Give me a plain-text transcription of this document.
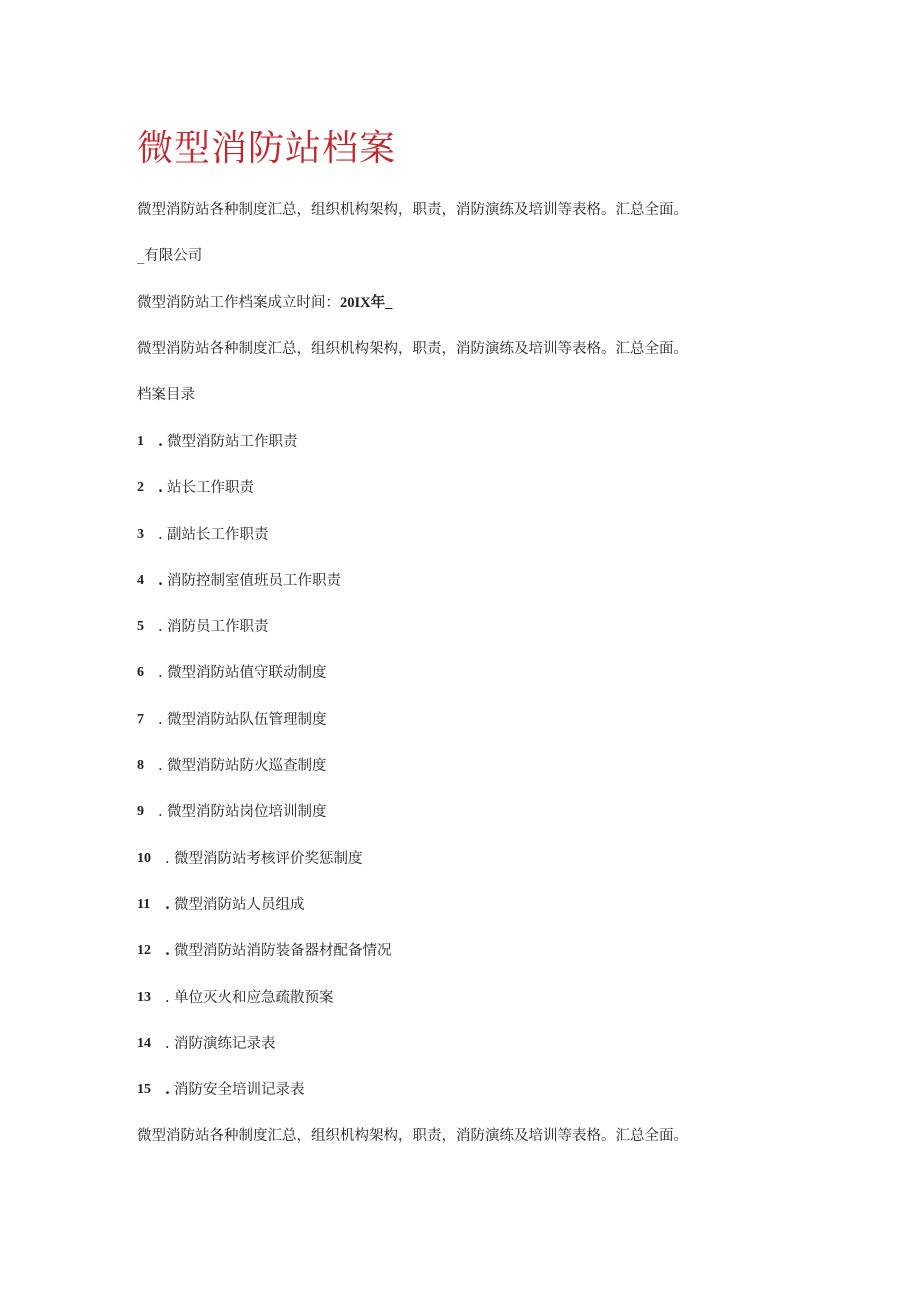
微型消防站档案
微型消防站各种制度汇总，组织机构架构，职责，消防演练及培训等表格。汇总全面。
_有限公司
微型消防站工作档案成立时间：20IX年_
微型消防站各种制度汇总，组织机构架构，职责，消防演练及培训等表格。汇总全面。
档案目录
1 . 微型消防站工作职责
2 . 站长工作职责
3 . 副站长工作职责
4 . 消防控制室值班员工作职责
5 . 消防员工作职责
6 . 微型消防站值守联动制度
7 . 微型消防站队伍管理制度
8 . 微型消防站防火巡查制度
9 . 微型消防站岗位培训制度
10 . 微型消防站考核评价奖惩制度
11	. 微型消防站人员组成
12 . 微型消防站消防装备器材配备情况
13 . 单位灭火和应急疏散预案
14 . 消防演练记录表
15 . 消防安全培训记录表
微型消防站各种制度汇总，组织机构架构，职责，消防演练及培训等表格。汇总全面。
